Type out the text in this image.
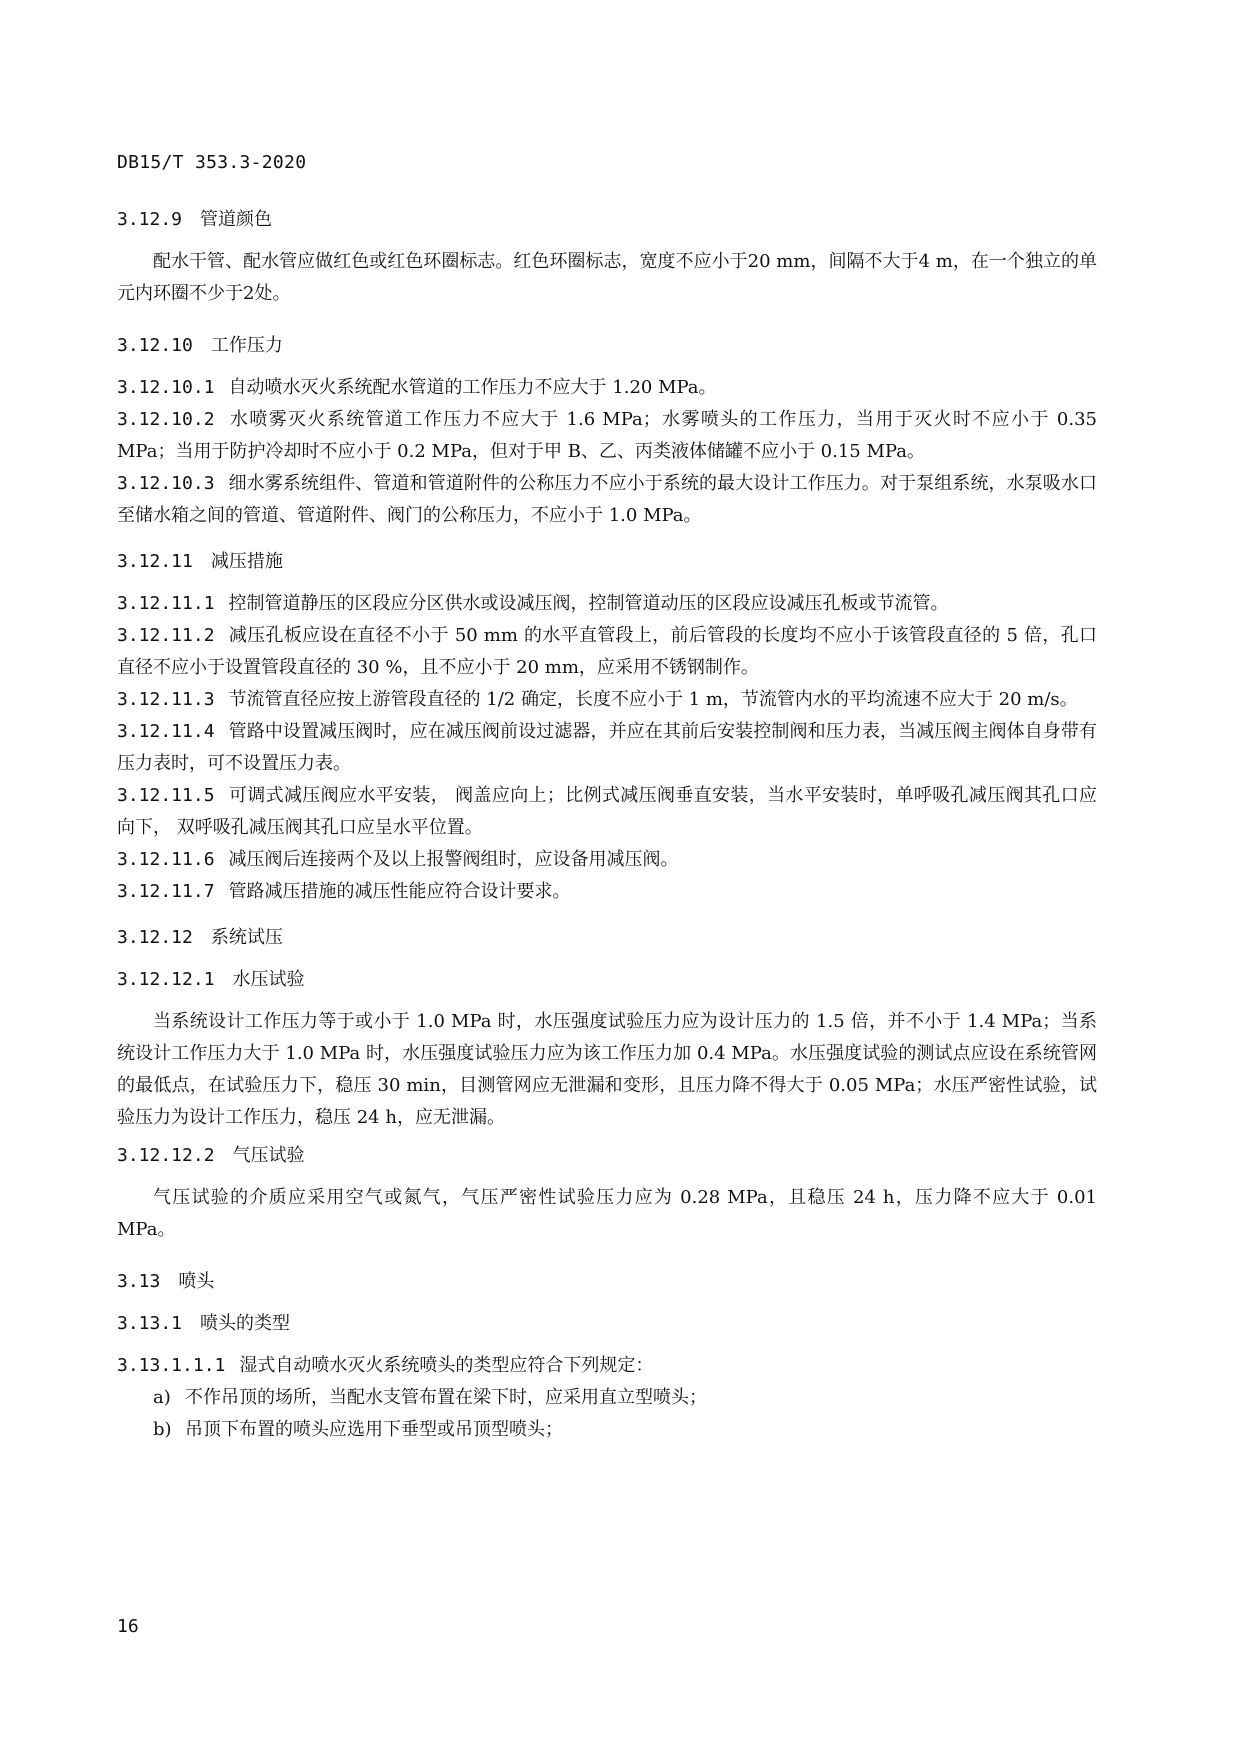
DB15/T 353.3-2020
3.12.9 管道颜色
配水干管、配水管应做红色或红色环圈标志。红色环圈标志，宽度不应小于20 mm，间隔不大于4 m，在一个独立的单元内环圈不少于2处。
3.12.10 工作压力
3.12.10.1 自动喷水灭火系统配水管道的工作压力不应大于 1.20 MPa。
3.12.10.2 水喷雾灭火系统管道工作压力不应大于 1.6 MPa；水雾喷头的工作压力，当用于灭火时不应小于 0.35 MPa；当用于防护冷却时不应小于 0.2 MPa，但对于甲 B、乙、丙类液体储罐不应小于 0.15 MPa。
3.12.10.3 细水雾系统组件、管道和管道附件的公称压力不应小于系统的最大设计工作压力。对于泵组系统，水泵吸水口至储水箱之间的管道、管道附件、阀门的公称压力，不应小于 1.0 MPa。
3.12.11 减压措施
3.12.11.1 控制管道静压的区段应分区供水或设减压阀，控制管道动压的区段应设减压孔板或节流管。
3.12.11.2 减压孔板应设在直径不小于 50 mm 的水平直管段上，前后管段的长度均不应小于该管段直径的 5 倍，孔口直径不应小于设置管段直径的 30 %，且不应小于 20 mm，应采用不锈钢制作。
3.12.11.3 节流管直径应按上游管段直径的 1/2 确定，长度不应小于 1 m，节流管内水的平均流速不应大于 20 m/s。
3.12.11.4 管路中设置减压阀时，应在减压阀前设过滤器，并应在其前后安装控制阀和压力表，当减压阀主阀体自身带有压力表时，可不设置压力表。
3.12.11.5 可调式减压阀应水平安装， 阀盖应向上；比例式减压阀垂直安装，当水平安装时，单呼吸孔减压阀其孔口应向下， 双呼吸孔减压阀其孔口应呈水平位置。
3.12.11.6 减压阀后连接两个及以上报警阀组时，应设备用减压阀。
3.12.11.7 管路减压措施的减压性能应符合设计要求。
3.12.12 系统试压
3.12.12.1 水压试验
当系统设计工作压力等于或小于 1.0 MPa 时，水压强度试验压力应为设计压力的 1.5 倍，并不小于 1.4 MPa；当系统设计工作压力大于 1.0 MPa 时，水压强度试验压力应为该工作压力加 0.4 MPa。水压强度试验的测试点应设在系统管网的最低点，在试验压力下，稳压 30 min，目测管网应无泄漏和变形，且压力降不得大于 0.05 MPa；水压严密性试验，试验压力为设计工作压力，稳压 24 h，应无泄漏。
3.12.12.2 气压试验
气压试验的介质应采用空气或氮气，气压严密性试验压力应为 0.28 MPa，且稳压 24 h，压力降不应大于 0.01 MPa。
3.13 喷头
3.13.1 喷头的类型
3.13.1.1.1 湿式自动喷水灭火系统喷头的类型应符合下列规定：
a) 不作吊顶的场所，当配水支管布置在梁下时，应采用直立型喷头；
b) 吊顶下布置的喷头应选用下垂型或吊顶型喷头；
16
